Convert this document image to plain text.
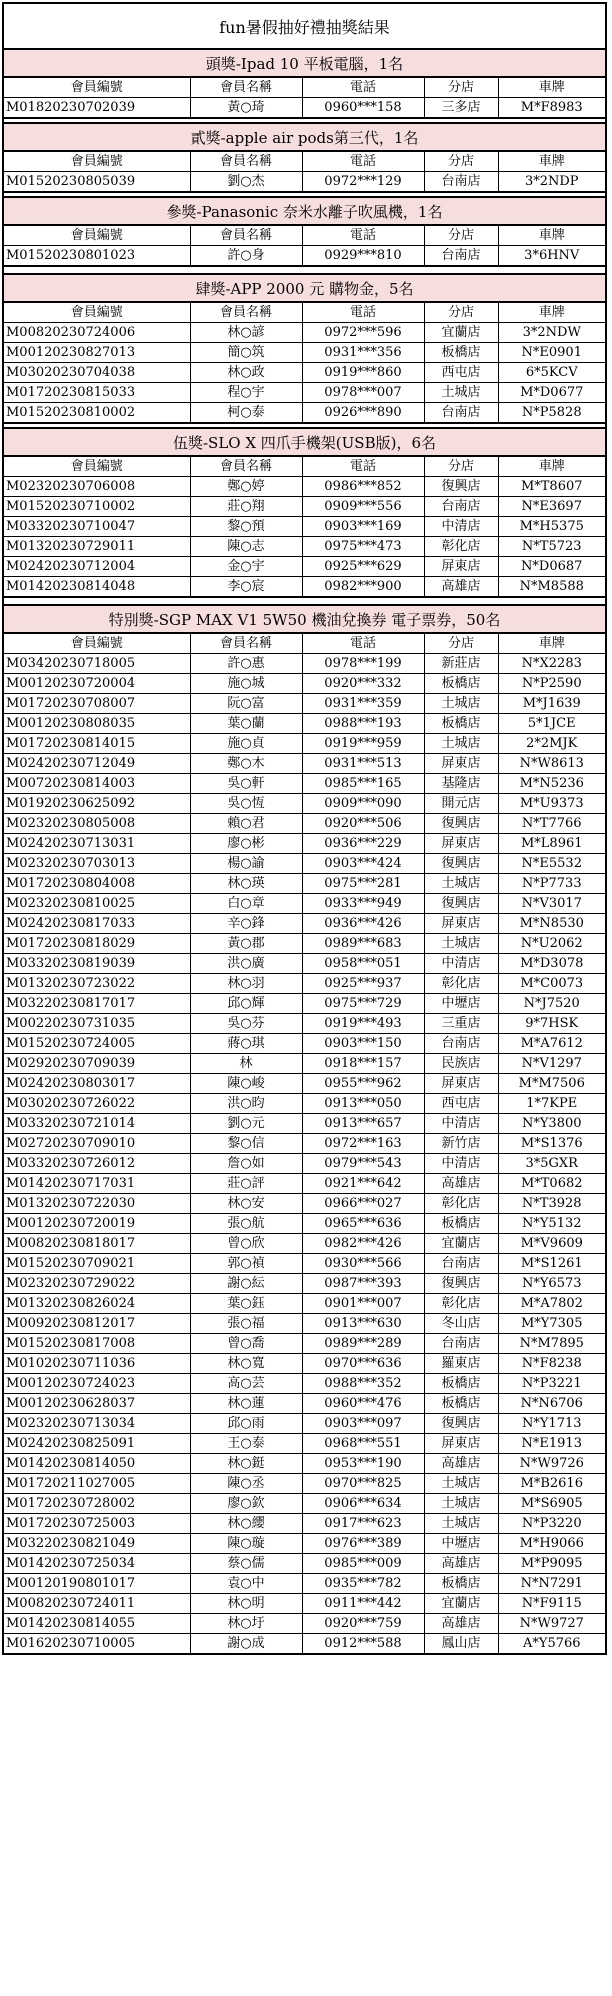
fun暑假抽好禮抽獎結果
頭獎-Ipad 10 平板電腦，1名
會員編號	會員名稱	電話	分店	車牌
M01820230702039	黃○琦	0960***158	三多店	M*F8983
貳獎-apple air pods第三代，1名
會員編號	會員名稱	電話	分店	車牌
M01520230805039	劉○杰	0972***129	台南店	3*2NDP
參獎-Panasonic 奈米水離子吹風機，1名
會員編號	會員名稱	電話	分店	車牌
M01520230801023	許○身	0929***810	台南店	3*6HNV
肆獎-APP 2000 元 購物金，5名
會員編號	會員名稱	電話	分店	車牌
M00820230724006	林○諺	0972***596	宜蘭店	3*2NDW
M00120230827013	簡○筑	0931***356	板橋店	N*E0901
M03020230704038	林○政	0919***860	西屯店	6*5KCV
M01720230815033	程○宇	0978***007	土城店	M*D0677
M01520230810002	柯○泰	0926***890	台南店	N*P5828
伍獎-SLO X 四爪手機架(USB版)，6名
會員編號	會員名稱	電話	分店	車牌
M02320230706008	鄭○婷	0986***852	復興店	M*T8607
M01520230710002	莊○翔	0909***556	台南店	N*E3697
M03320230710047	黎○預	0903***169	中清店	M*H5375
M01320230729011	陳○志	0975***473	彰化店	N*T5723
M02420230712004	金○宇	0925***629	屏東店	N*D0687
M01420230814048	李○宸	0982***900	高雄店	N*M8588
特別獎-SGP MAX V1 5W50 機油兌換券 電子票券，50名
會員編號	會員名稱	電話	分店	車牌
M03420230718005	許○惠	0978***199	新莊店	N*X2283
M00120230720004	施○城	0920***332	板橋店	N*P2590
M01720230708007	阮○富	0931***359	土城店	M*J1639
M00120230808035	葉○蘭	0988***193	板橋店	5*1JCE
M01720230814015	施○貞	0919***959	土城店	2*2MJK
M02420230712049	鄭○木	0931***513	屏東店	N*W8613
M00720230814003	吳○軒	0985***165	基隆店	M*N5236
M01920230625092	吳○恆	0909***090	開元店	M*U9373
M02320230805008	賴○君	0920***506	復興店	N*T7766
M02420230713031	廖○彬	0936***229	屏東店	M*L8961
M02320230703013	楊○諭	0903***424	復興店	N*E5532
M01720230804008	林○瑛	0975***281	土城店	N*P7733
M02320230810025	白○章	0933***949	復興店	N*V3017
M02420230817033	辛○鋒	0936***426	屏東店	M*N8530
M01720230818029	黃○郡	0989***683	土城店	N*U2062
M03320230819039	洪○廣	0958***051	中清店	M*D3078
M01320230723022	林○羽	0925***937	彰化店	M*C0073
M03220230817017	邱○輝	0975***729	中壢店	N*J7520
M00220230731035	吳○芬	0919***493	三重店	9*7HSK
M01520230724005	蔣○琪	0903***150	台南店	M*A7612
M02920230709039	林	0918***157	民族店	N*V1297
M02420230803017	陳○峻	0955***962	屏東店	M*M7506
M03020230726022	洪○昀	0913***050	西屯店	1*7KPE
M03320230721014	劉○元	0913***657	中清店	N*Y3800
M02720230709010	黎○信	0972***163	新竹店	M*S1376
M03320230726012	詹○如	0979***543	中清店	3*5GXR
M01420230717031	莊○評	0921***642	高雄店	M*T0682
M01320230722030	林○安	0966***027	彰化店	N*T3928
M00120230720019	張○航	0965***636	板橋店	N*Y5132
M00820230818017	曾○欣	0982***426	宜蘭店	M*V9609
M01520230709021	郭○禎	0930***566	台南店	M*S1261
M02320230729022	謝○紜	0987***393	復興店	N*Y6573
M01320230826024	葉○鈺	0901***007	彰化店	M*A7802
M00920230812017	張○福	0913***630	冬山店	M*Y7305
M01520230817008	曾○喬	0989***289	台南店	N*M7895
M01020230711036	林○寬	0970***636	羅東店	N*F8238
M00120230724023	高○芸	0988***352	板橋店	N*P3221
M00120230628037	林○蓮	0960***476	板橋店	N*N6706
M02320230713034	邱○雨	0903***097	復興店	N*Y1713
M02420230825091	王○泰	0968***551	屏東店	N*E1913
M01420230814050	林○鋌	0953***190	高雄店	N*W9726
M01720211027005	陳○丞	0970***825	土城店	M*B2616
M01720230728002	廖○欽	0906***634	土城店	M*S6905
M01720230725003	林○纓	0917***623	土城店	N*P3220
M03220230821049	陳○璇	0976***389	中壢店	M*H9066
M01420230725034	蔡○儒	0985***009	高雄店	M*P9095
M00120190801017	袁○中	0935***782	板橋店	N*N7291
M00820230724011	林○明	0911***442	宜蘭店	N*F9115
M01420230814055	林○圩	0920***759	高雄店	N*W9727
M01620230710005	謝○成	0912***588	鳳山店	A*Y5766
